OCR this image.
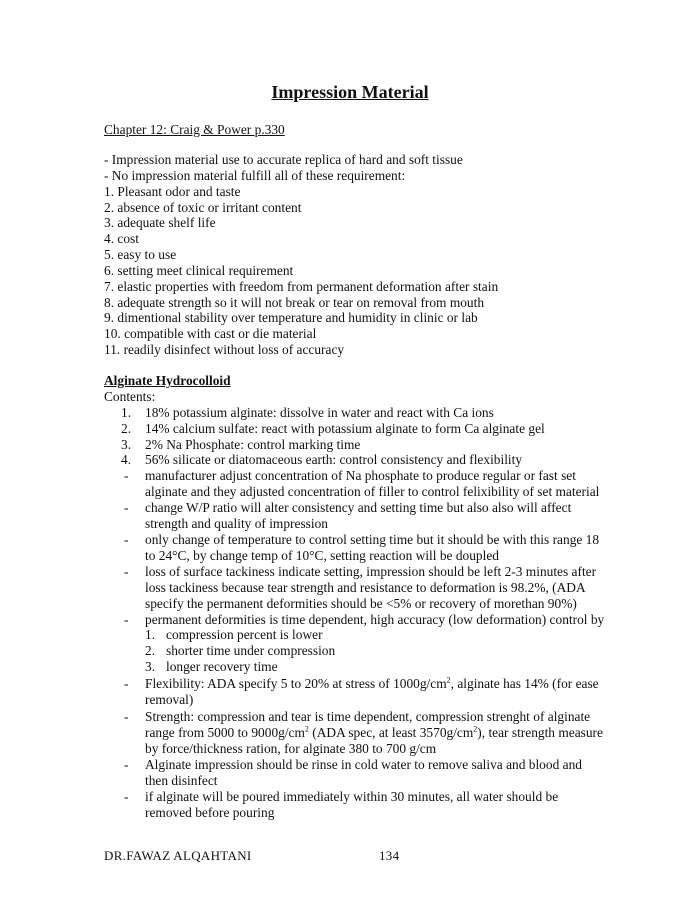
Impression Material
Chapter 12: Craig & Power p.330
- Impression material use to accurate replica of hard and soft tissue
- No impression material fulfill all of these requirement:
1. Pleasant odor and taste
2. absence of toxic or irritant content
3. adequate shelf life
4. cost
5. easy to use
6. setting meet clinical requirement
7. elastic properties with freedom from permanent deformation after stain
8. adequate strength so it will not break or tear on removal from mouth
9. dimentional stability over temperature and humidity in clinic or lab
10. compatible with cast or die material
11. readily disinfect without loss of accuracy
Alginate Hydrocolloid
Contents:
1. 18% potassium alginate: dissolve in water and react with Ca ions
2. 14% calcium sulfate: react with potassium alginate to form Ca alginate gel
3. 2% Na Phosphate: control marking time
4. 56% silicate or diatomaceous earth: control consistency and flexibility
- manufacturer adjust concentration of Na phosphate to produce regular or fast set
alginate and they adjusted concentration of filler to control felixibility of set material
- change W/P ratio will alter consistency and setting time but also also will affect
strength and quality of impression
- only change of temperature to control setting time but it should be with this range 18
to 24°C, by change temp of 10°C, setting reaction will be doupled
- loss of surface tackiness indicate setting, impression should be left 2-3 minutes after
loss tackiness because tear strength and resistance to deformation is 98.2%, (ADA
specify the permanent deformities should be <5% or recovery of morethan 90%)
- permanent deformities is time dependent, high accuracy (low deformation) control by
1. compression percent is lower
2. shorter time under compression
3. longer recovery time
- Flexibility: ADA specify 5 to 20% at stress of $1000g/cm^2$, alginate has 14% (for ease
removal)
- Strength: compression and tear is time dependent, compression strenght of alginate
range from 5000 to $9000g/cm^2$ (ADA spec, at least $3570g/cm^2$), tear strength measure
by force/thickness ration, for alginate 380 to 700 g/cm
- Alginate impression should be rinse in cold water to remove saliva and blood and
then disinfect
- if alginate will be poured immediately within 30 minutes, all water should be
removed before pouring
DR.FAWAZ ALQAHTANI	134
